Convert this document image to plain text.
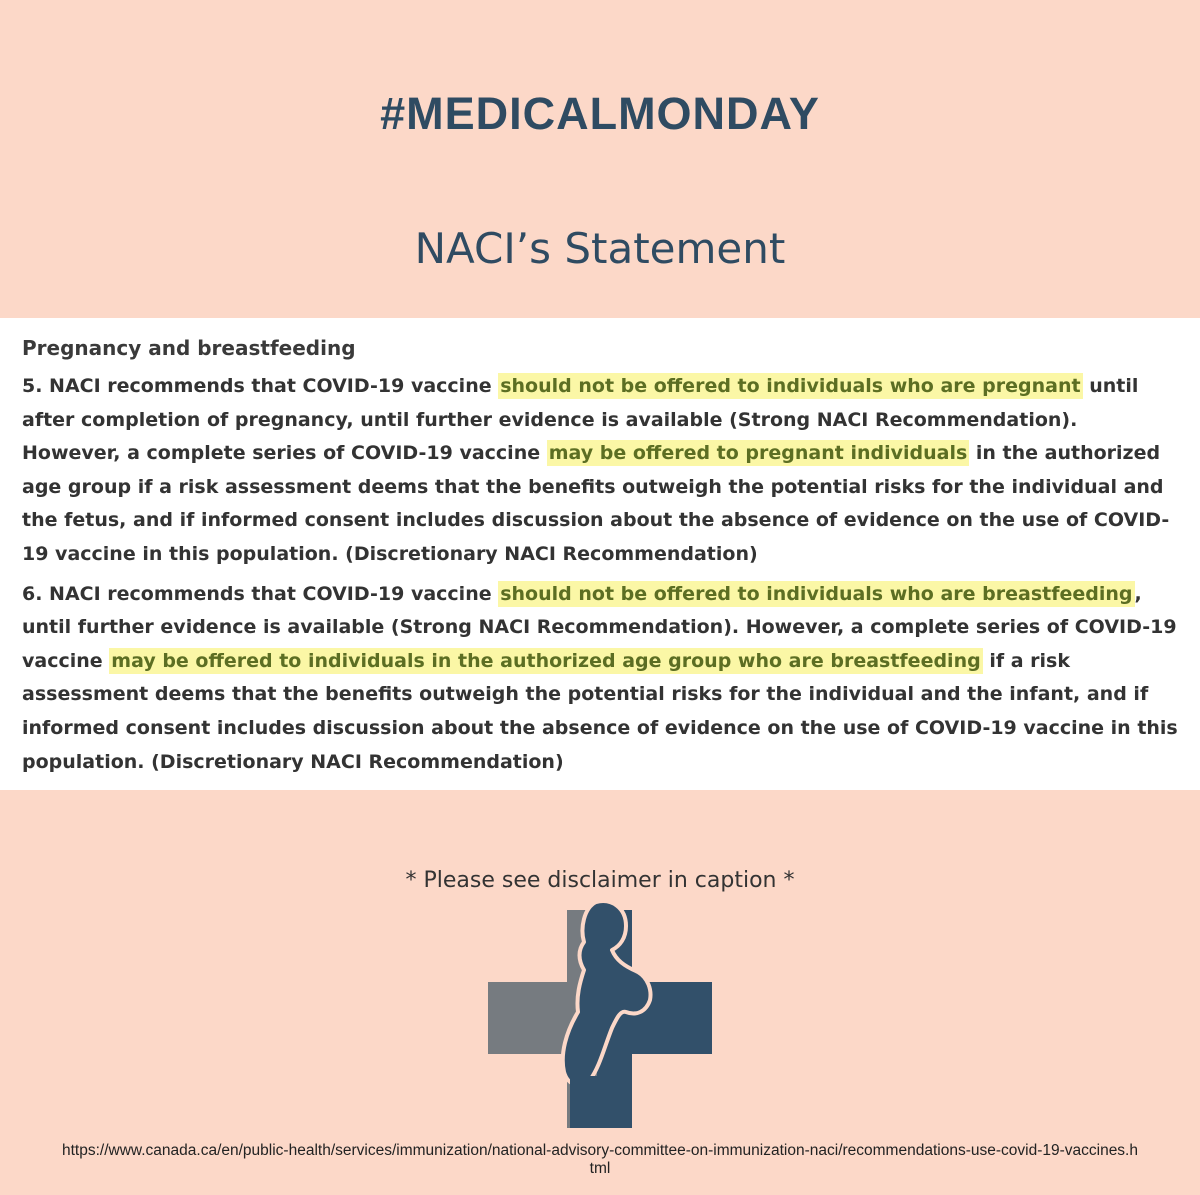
#MEDICALMONDAY
NACI’s Statement

Pregnancy and breastfeeding

5. NACI recommends that COVID-19 vaccine should not be offered to individuals who are pregnant until after completion of pregnancy, until further evidence is available (Strong NACI Recommendation). However, a complete series of COVID-19 vaccine may be offered to pregnant individuals in the authorized age group if a risk assessment deems that the benefits outweigh the potential risks for the individual and the fetus, and if informed consent includes discussion about the absence of evidence on the use of COVID-19 vaccine in this population. (Discretionary NACI Recommendation)

6. NACI recommends that COVID-19 vaccine should not be offered to individuals who are breastfeeding , until further evidence is available (Strong NACI Recommendation). However, a complete series of COVID-19 vaccine may be offered to individuals in the authorized age group who are breastfeeding if a risk assessment deems that the benefits outweigh the potential risks for the individual and the infant, and if informed consent includes discussion about the absence of evidence on the use of COVID-19 vaccine in this population. (Discretionary NACI Recommendation)

* Please see disclaimer in caption *

https://www.canada.ca/en/public-health/services/immunization/national-advisory-committee-on-immunization-naci/recommendations-use-covid-19-vaccines.html
